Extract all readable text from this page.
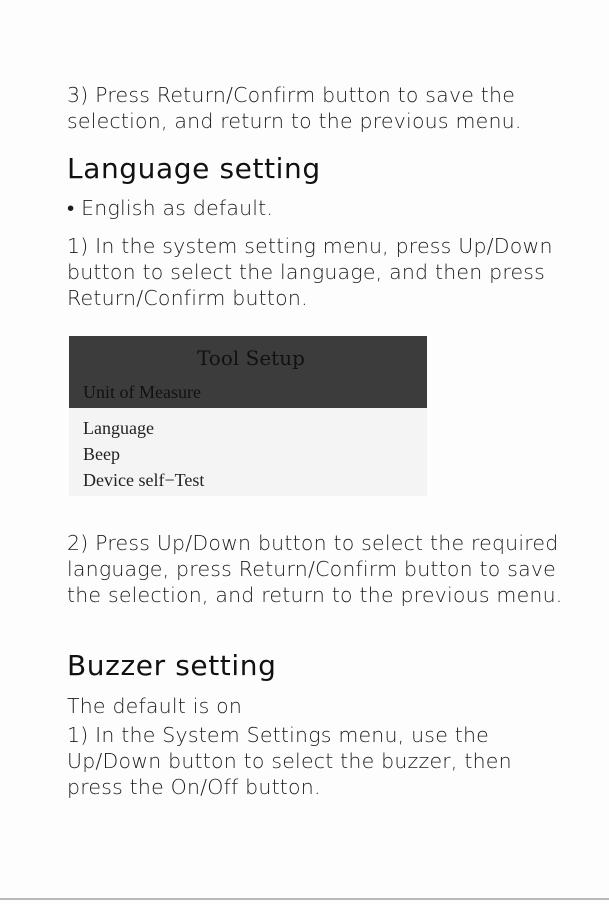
3) Press Return/Confirm button to save the
selection, and return to the previous menu.
Language setting
• English as default.
1) In the system setting menu, press Up/Down
button to select the language, and then press
Return/Confirm button.
Tool Setup
Unit of Measure
Language
Beep
Device self−Test
2) Press Up/Down button to select the required
language, press Return/Confirm button to save
the selection, and return to the previous menu.
Buzzer setting
The default is on
1) In the System Settings menu, use the
Up/Down button to select the buzzer, then
press the On/Off button.
